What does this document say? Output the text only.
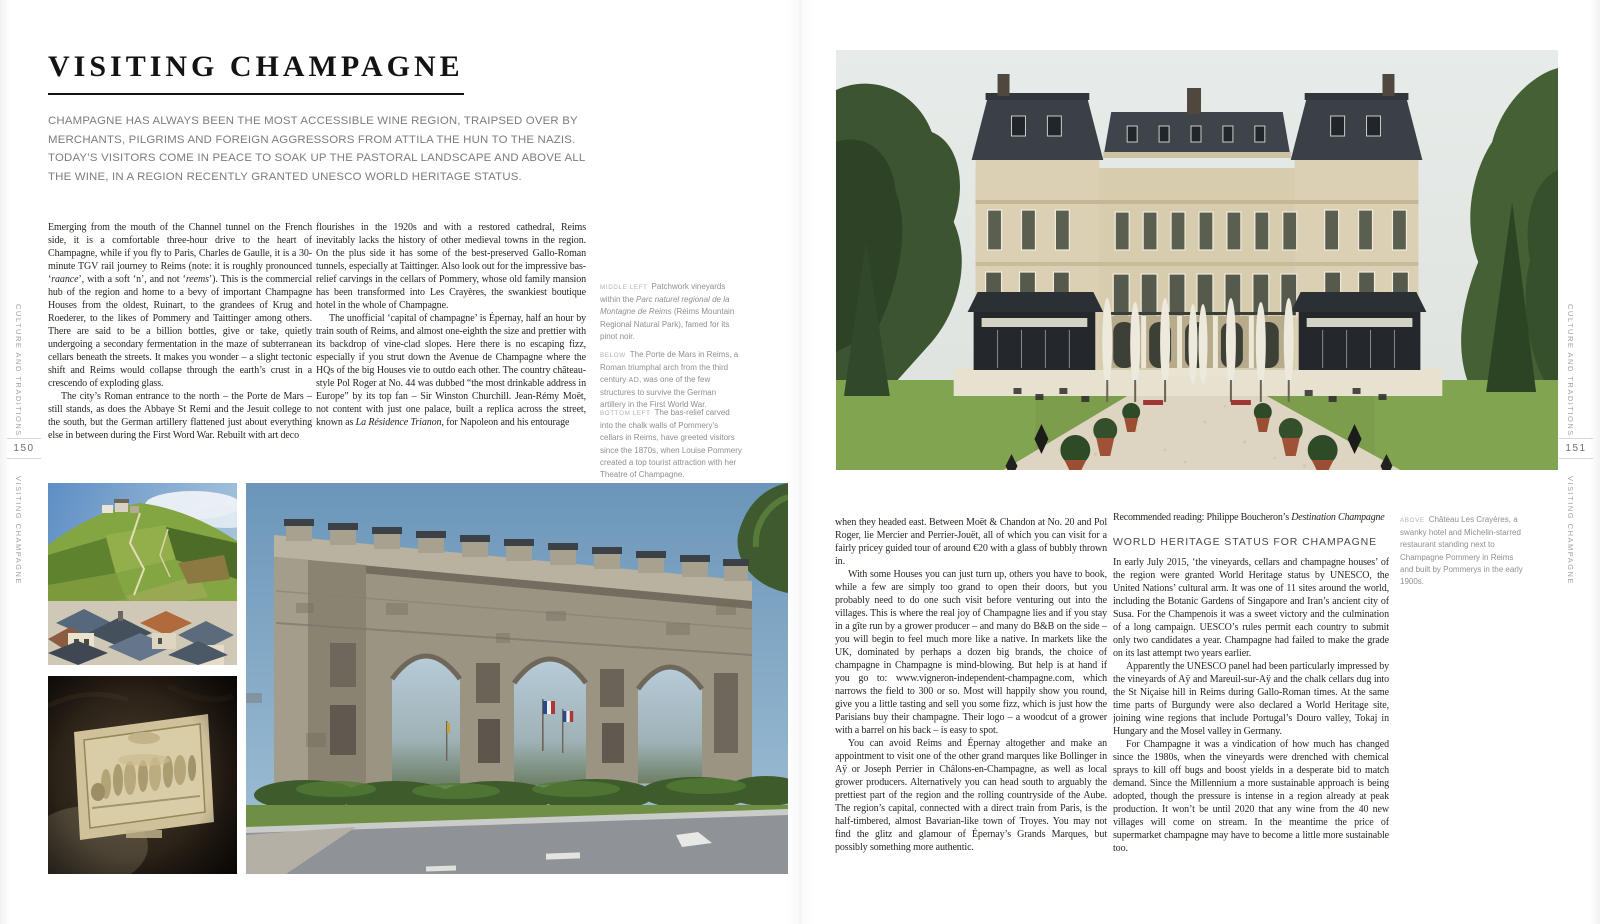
VISITING CHAMPAGNE

CHAMPAGNE HAS ALWAYS BEEN THE MOST ACCESSIBLE WINE REGION, TRAIPSED OVER BY MERCHANTS, PILGRIMS AND FOREIGN AGGRESSORS FROM ATTILA THE HUN TO THE NAZIS. TODAY’S VISITORS COME IN PEACE TO SOAK UP THE PASTORAL LANDSCAPE AND ABOVE ALL THE WINE, IN A REGION RECENTLY GRANTED UNESCO WORLD HERITAGE STATUS.

Emerging from the mouth of the Channel tunnel on the French side, it is a comfortable three-hour drive to the heart of Champagne, while if you fly to Paris, Charles de Gaulle, it is a 30-minute TGV rail journey to Reims (note: it is roughly pronounced ‘raance’, with a soft ‘n’, and not ‘reems’). This is the commercial hub of the region and home to a bevy of important Champagne Houses from the oldest, Ruinart, to the grandees of Krug and Roederer, to the likes of Pommery and Taittinger among others. There are said to be a billion bottles, give or take, quietly undergoing a secondary fermentation in the maze of subterranean cellars beneath the streets. It makes you wonder – a slight tectonic shift and Reims would collapse through the earth’s crust in a crescendo of exploding glass.

The city’s Roman entrance to the north – the Porte de Mars – still stands, as does the Abbaye St Remi and the Jesuit college to the south, but the German artillery flattened just about everything else in between during the First Word War. Rebuilt with art deco

flourishes in the 1920s and with a restored cathedral, Reims inevitably lacks the history of other medieval towns in the region. On the plus side it has some of the best-preserved Gallo-Roman tunnels, especially at Taittinger. Also look out for the impressive bas-relief carvings in the cellars of Pommery, whose old family mansion has been transformed into Les Crayères, the swankiest boutique hotel in the whole of Champagne.

The unofficial ‘capital of champagne’ is Épernay, half an hour by train south of Reims, and almost one-eighth the size and prettier with its backdrop of vine-clad slopes. Here there is no escaping fizz, especially if you strut down the Avenue de Champagne where the HQs of the big Houses vie to outdo each other. The country château-style Pol Roger at No. 44 was dubbed “the most drinkable address in Europe” by its top fan – Sir Winston Churchill. Jean-Rémy Moët, not content with just one palace, built a replica across the street, known as La Résidence Trianon, for Napoleon and his entourage

MIDDLE LEFT Patchwork vineyards within the Parc naturel regional de la Montagne de Reims (Reims Mountain Regional Natural Park), famed for its pinot noir.
BELOW The Porte de Mars in Reims, a Roman triumphal arch from the third century AD, was one of the few structures to survive the German artillery in the First World War.
BOTTOM LEFT The bas-relief carved into the chalk walls of Pommery’s cellars in Reims, have greeted visitors since the 1870s, when Louise Pommery created a top tourist attraction with her Theatre of Champagne.

when they headed east. Between Moët & Chandon at No. 20 and Pol Roger, lie Mercier and Perrier-Jouët, all of which you can visit for a fairly pricey guided tour of around €20 with a glass of bubbly thrown in.

With some Houses you can just turn up, others you have to book, while a few are simply too grand to open their doors, but you probably need to do one such visit before venturing out into the villages. This is where the real joy of Champagne lies and if you stay in a gîte run by a grower producer – and many do B&B on the side – you will begin to feel much more like a native. In markets like the UK, dominated by perhaps a dozen big brands, the choice of champagne in Champagne is mind-blowing. But help is at hand if you go to: www.vigneron-independent-champagne.com, which narrows the field to 300 or so. Most will happily show you round, give you a little tasting and sell you some fizz, which is just how the Parisians buy their champagne. Their logo – a woodcut of a grower with a barrel on his back – is easy to spot.

You can avoid Reims and Épernay altogether and make an appointment to visit one of the other grand marques like Bollinger in Aÿ or Joseph Perrier in Châlons-en-Champagne, as well as local grower producers. Alternatively you can head south to arguably the prettiest part of the region and the rolling countryside of the Aube. The region’s capital, connected with a direct train from Paris, is the half-timbered, almost Bavarian-like town of Troyes. You may not find the glitz and glamour of Épernay’s Grands Marques, but possibly something more authentic.

Recommended reading: Philippe Boucheron’s Destination Champagne

WORLD HERITAGE STATUS FOR CHAMPAGNE

In early July 2015, ‘the vineyards, cellars and champagne houses’ of the region were granted World Heritage status by UNESCO, the United Nations’ cultural arm. It was one of 11 sites around the world, including the Botanic Gardens of Singapore and Iran’s ancient city of Susa. For the Champenois it was a sweet victory and the culmination of a long campaign. UESCO’s rules permit each country to submit only two candidates a year. Champagne had failed to make the grade on its last attempt two years earlier.

Apparently the UNESCO panel had been particularly impressed by the vineyards of Aÿ and Mareuil-sur-Aÿ and the chalk cellars dug into the St Niçaise hill in Reims during Gallo-Roman times. At the same time parts of Burgundy were also declared a World Heritage site, joining wine regions that include Portugal’s Douro valley, Tokaj in Hungary and the Mosel valley in Germany.

For Champagne it was a vindication of how much has changed since the 1980s, when the vineyards were drenched with chemical sprays to kill off bugs and boost yields in a desperate bid to match demand. Since the Millennium a more sustainable approach is being adopted, though the pressure is intense in a region already at peak production. It won’t be until 2020 that any wine from the 40 new villages will come on stream. In the meantime the price of supermarket champagne may have to become a little more sustainable too.

ABOVE Château Les Crayères, a swanky hotel and Michelin-starred restaurant standing next to Champagne Pommery in Reims and built by Pommerys in the early 1900s.
CULTURE AND TRADITIONS
150
VISITING CHAMPAGNE
CULTURE AND TRADITIONS
151
VISITING CHAMPAGNE
